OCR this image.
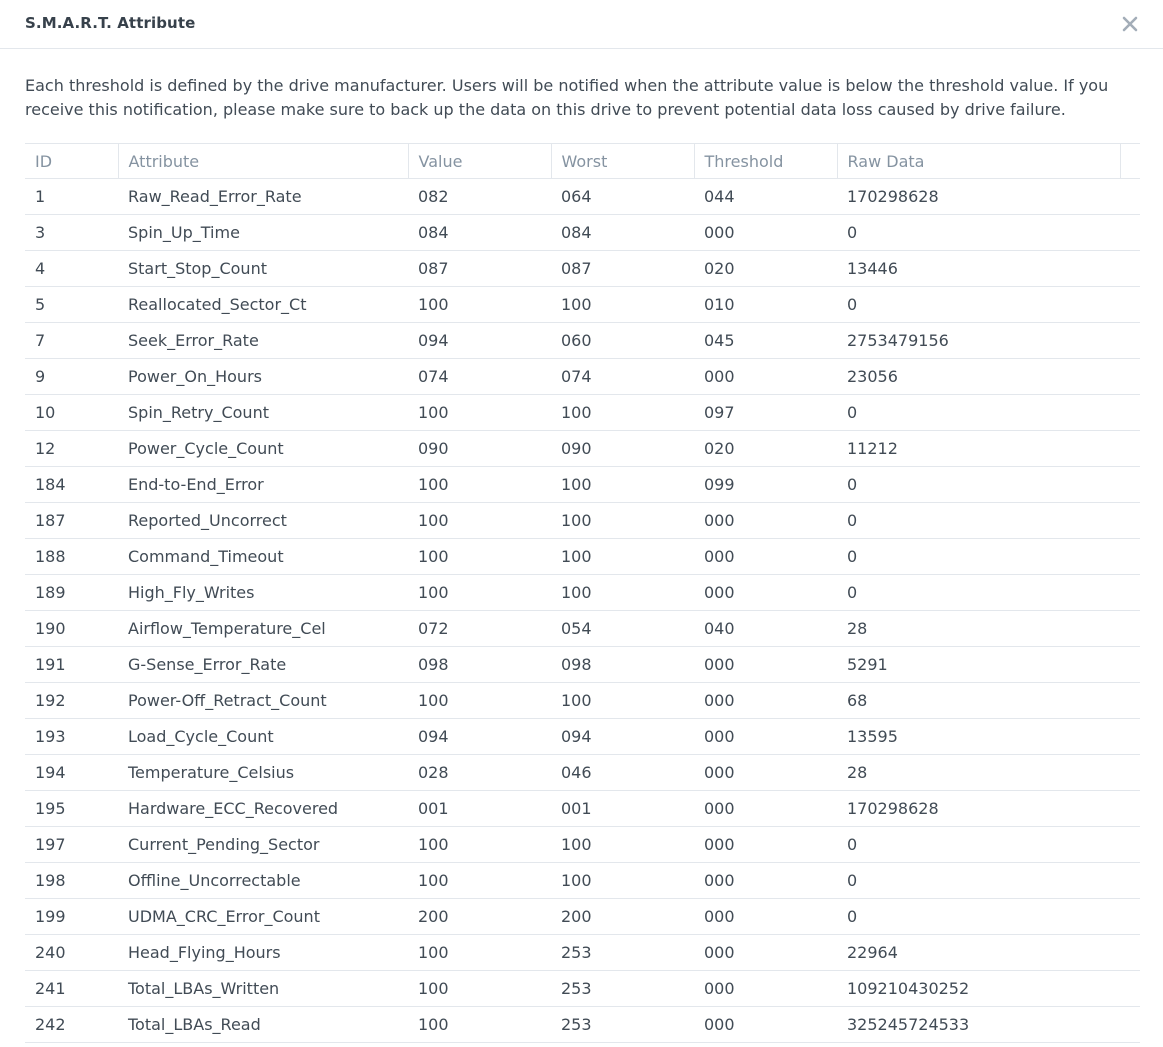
S.M.A.R.T. Attribute
Each threshold is defined by the drive manufacturer. Users will be notified when the attribute value is below the threshold value. If you receive this notification, please make sure to back up the data on this drive to prevent potential data loss caused by drive failure.
ID	Attribute	Value	Worst	Threshold	Raw Data	
1	Raw_Read_Error_Rate	082	064	044	170298628	
3	Spin_Up_Time	084	084	000	0	
4	Start_Stop_Count	087	087	020	13446	
5	Reallocated_Sector_Ct	100	100	010	0	
7	Seek_Error_Rate	094	060	045	2753479156	
9	Power_On_Hours	074	074	000	23056	
10	Spin_Retry_Count	100	100	097	0	
12	Power_Cycle_Count	090	090	020	11212	
184	End-to-End_Error	100	100	099	0	
187	Reported_Uncorrect	100	100	000	0	
188	Command_Timeout	100	100	000	0	
189	High_Fly_Writes	100	100	000	0	
190	Airflow_Temperature_Cel	072	054	040	28	
191	G-Sense_Error_Rate	098	098	000	5291	
192	Power-Off_Retract_Count	100	100	000	68	
193	Load_Cycle_Count	094	094	000	13595	
194	Temperature_Celsius	028	046	000	28	
195	Hardware_ECC_Recovered	001	001	000	170298628	
197	Current_Pending_Sector	100	100	000	0	
198	Offline_Uncorrectable	100	100	000	0	
199	UDMA_CRC_Error_Count	200	200	000	0	
240	Head_Flying_Hours	100	253	000	22964	
241	Total_LBAs_Written	100	253	000	109210430252	
242	Total_LBAs_Read	100	253	000	325245724533	
